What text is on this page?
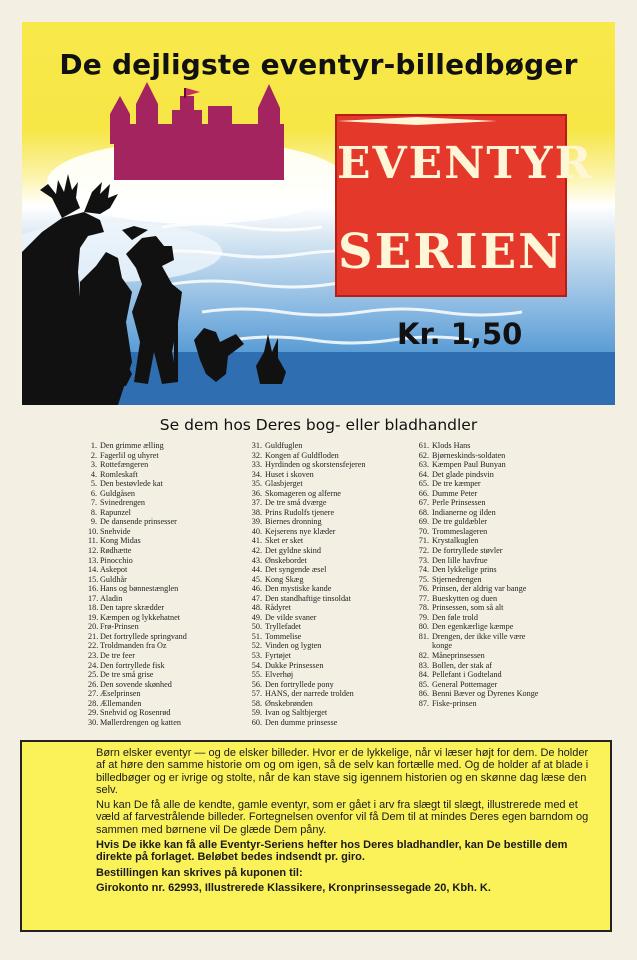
De dejligste eventyr-billedbøger
EVENTYR
SERIEN
Kr. 1,50
Se dem hos Deres bog- eller bladhandler
1. Den grimme ælling
2. Fagerlil og uhyret
3. Rottefængeren
4. Romleskaft
5. Den bestøvlede kat
6. Guldgåsen
7. Svinedrengen
8. Rapunzel
9. De dansende prinsesser
10. Snehvide
11. Kong Midas
12. Rødhætte
13. Pinocchio
14. Askepot
15. Guldhår
16. Hans og bønnestænglen
17. Aladin
18. Den tapre skrædder
19. Kæmpen og lykkehatnet
20. Frø-Prinsen
21. Det fortryllede springvand
22. Troldmanden fra Oz
23. De tre feer
24. Den fortryllede fisk
25. De tre små grise
26. Den sovende skønhed
27. Æselprinsen
28. Ællemanden
29. Snehvid og Rosenrød
30. Møllerdrengen og katten
31. Guldfuglen
32. Kongen af Guldfloden
33. Hyrdinden og skorstensfejeren
34. Huset i skoven
35. Glasbjerget
36. Skomageren og alferne
37. De tre små dværge
38. Prins Rudolfs tjenere
39. Biernes dronning
40. Kejserens nye klæder
41. Sket er sket
42. Det gyldne skind
43. Ønskebordet
44. Det syngende æsel
45. Kong Skæg
46. Den mystiske kande
47. Den standhaftige tinsoldat
48. Rådyret
49. De vilde svaner
50. Tryllefadet
51. Tommelise
52. Vinden og lygten
53. Fyrtøjet
54. Dukke Prinsessen
55. Elverhøj
56. Den fortryllede pony
57. HANS, der narrede trolden
58. Ønskebrønden
59. Ivan og Saltbjerget
60. Den dumme prinsesse
61. Klods Hans
62. Bjørneskinds-soldaten
63. Kæmpen Paul Bunyan
64. Det glade pindsvin
65. De tre kæmper
66. Dumme Peter
67. Perle Prinsessen
68. Indianerne og ilden
69. De tre guldæbler
70. Trommeslageren
71. Krystalkuglen
72. De fortryllede støvler
73. Den lille havfrue
74. Den lykkelige prins
75. Stjernedrengen
76. Prinsen, der aldrig var bange
77. Bueskytten og duen
78. Prinsessen, som så alt
79. Den føle trold
80. Den egenkærlige kæmpe
81. Drengen, der ikke ville være
konge
82. Måneprinsessen
83. Bollen, der stak af
84. Pellefant i Godteland
85. General Pottemager
86. Benni Bæver og Dyrenes Konge
87. Fiske-prinsen

Børn elsker eventyr — og de elsker billeder. Hvor er de lykkelige, når vi læser højt for dem. De holder af at høre den samme historie om og om igen, så de selv kan fortælle med. Og de holder af at blade i billedbøger og er ivrige og stolte, når de kan stave sig igennem historien og en skønne dag læse den selv.

Nu kan De få alle de kendte, gamle eventyr, som er gået i arv fra slægt til slægt, illustrerede med et væld af farvestrålende billeder. Fortegnelsen ovenfor vil få Dem til at mindes Deres egen barndom og sammen med børnene vil De glæde Dem påny.

Hvis De ikke kan få alle Eventyr-Seriens hefter hos Deres bladhandler, kan De bestille dem direkte på forlaget. Beløbet bedes indsendt pr. giro.

Bestillingen kan skrives på kuponen til:

Girokonto nr. 62993, Illustrerede Klassikere, Kronprinsessegade 20, Kbh. K.
